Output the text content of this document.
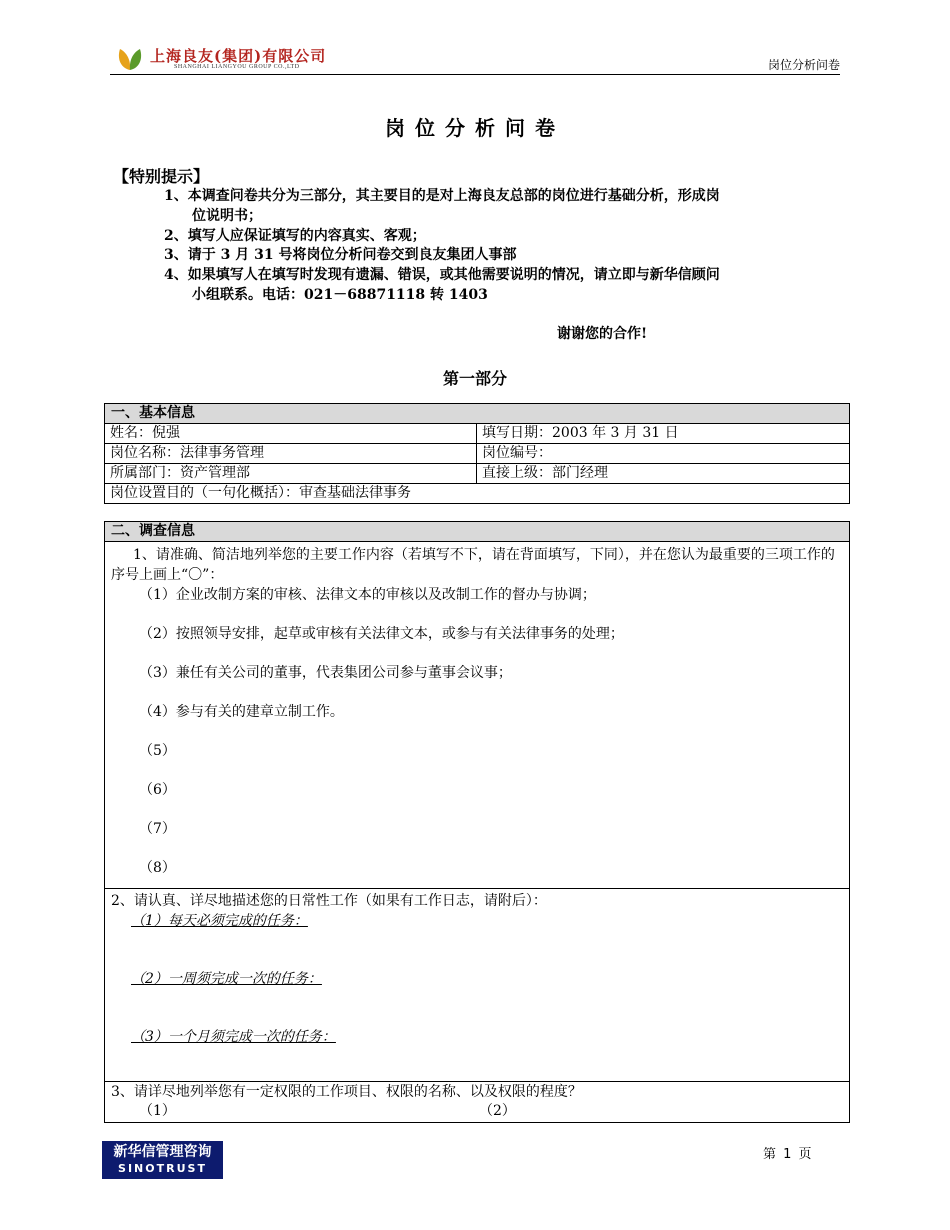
上海良友(集团)有限公司
SHANGHAI LIANGYOU GROUP CO.,LTD	岗位分析问卷
岗位分析问卷
【特别提示】
1、本调查问卷共分为三部分，其主要目的是对上海良友总部的岗位进行基础分析，形成岗
位说明书；
2、填写人应保证填写的内容真实、客观；
3、请于 3 月 31 号将岗位分析问卷交到良友集团人事部
4、如果填写人在填写时发现有遗漏、错误，或其他需要说明的情况，请立即与新华信顾问
小组联系。电话：021－68871118 转 1403
谢谢您的合作!
第一部分
一、基本信息
姓名：倪强	填写日期：2003 年 3 月 31 日
岗位名称：法律事务管理	岗位编号：
所属部门：资产管理部	直接上级：部门经理
岗位设置目的（一句化概括）：审查基础法律事务
二、调查信息
1、请准确、简洁地列举您的主要工作内容（若填写不下，请在背面填写，下同），并在您认为最重要的三项工作的序号上画上“〇”：
（1）企业改制方案的审核、法律文本的审核以及改制工作的督办与协调；
（2）按照领导安排，起草或审核有关法律文本，或参与有关法律事务的处理；
（3）兼任有关公司的董事，代表集团公司参与董事会议事；
（4）参与有关的建章立制工作。
（5）
（6）
（7）
（8）
2、请认真、详尽地描述您的日常性工作（如果有工作日志，请附后）：
（1）每天必须完成的任务：
（2）一周须完成一次的任务：
（3）一个月须完成一次的任务：
3、请详尽地列举您有一定权限的工作项目、权限的名称、以及权限的程度？
（1）	（2）
新华信管理咨询
SINOTRUST
第 1 页
